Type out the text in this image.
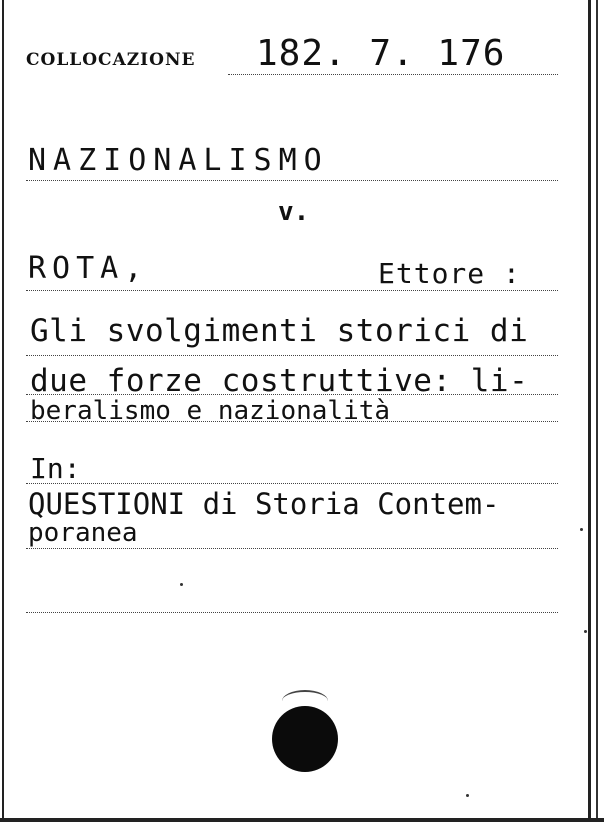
COLLOCAZIONE 182. 7. 176
NAZIONALISMO
v.
ROTA,	Ettore :
Gli svolgimenti storici di
due forze costruttive: li-
beralismo e nazionalità
In:
QUESTIONI di Storia Contem-
poranea
